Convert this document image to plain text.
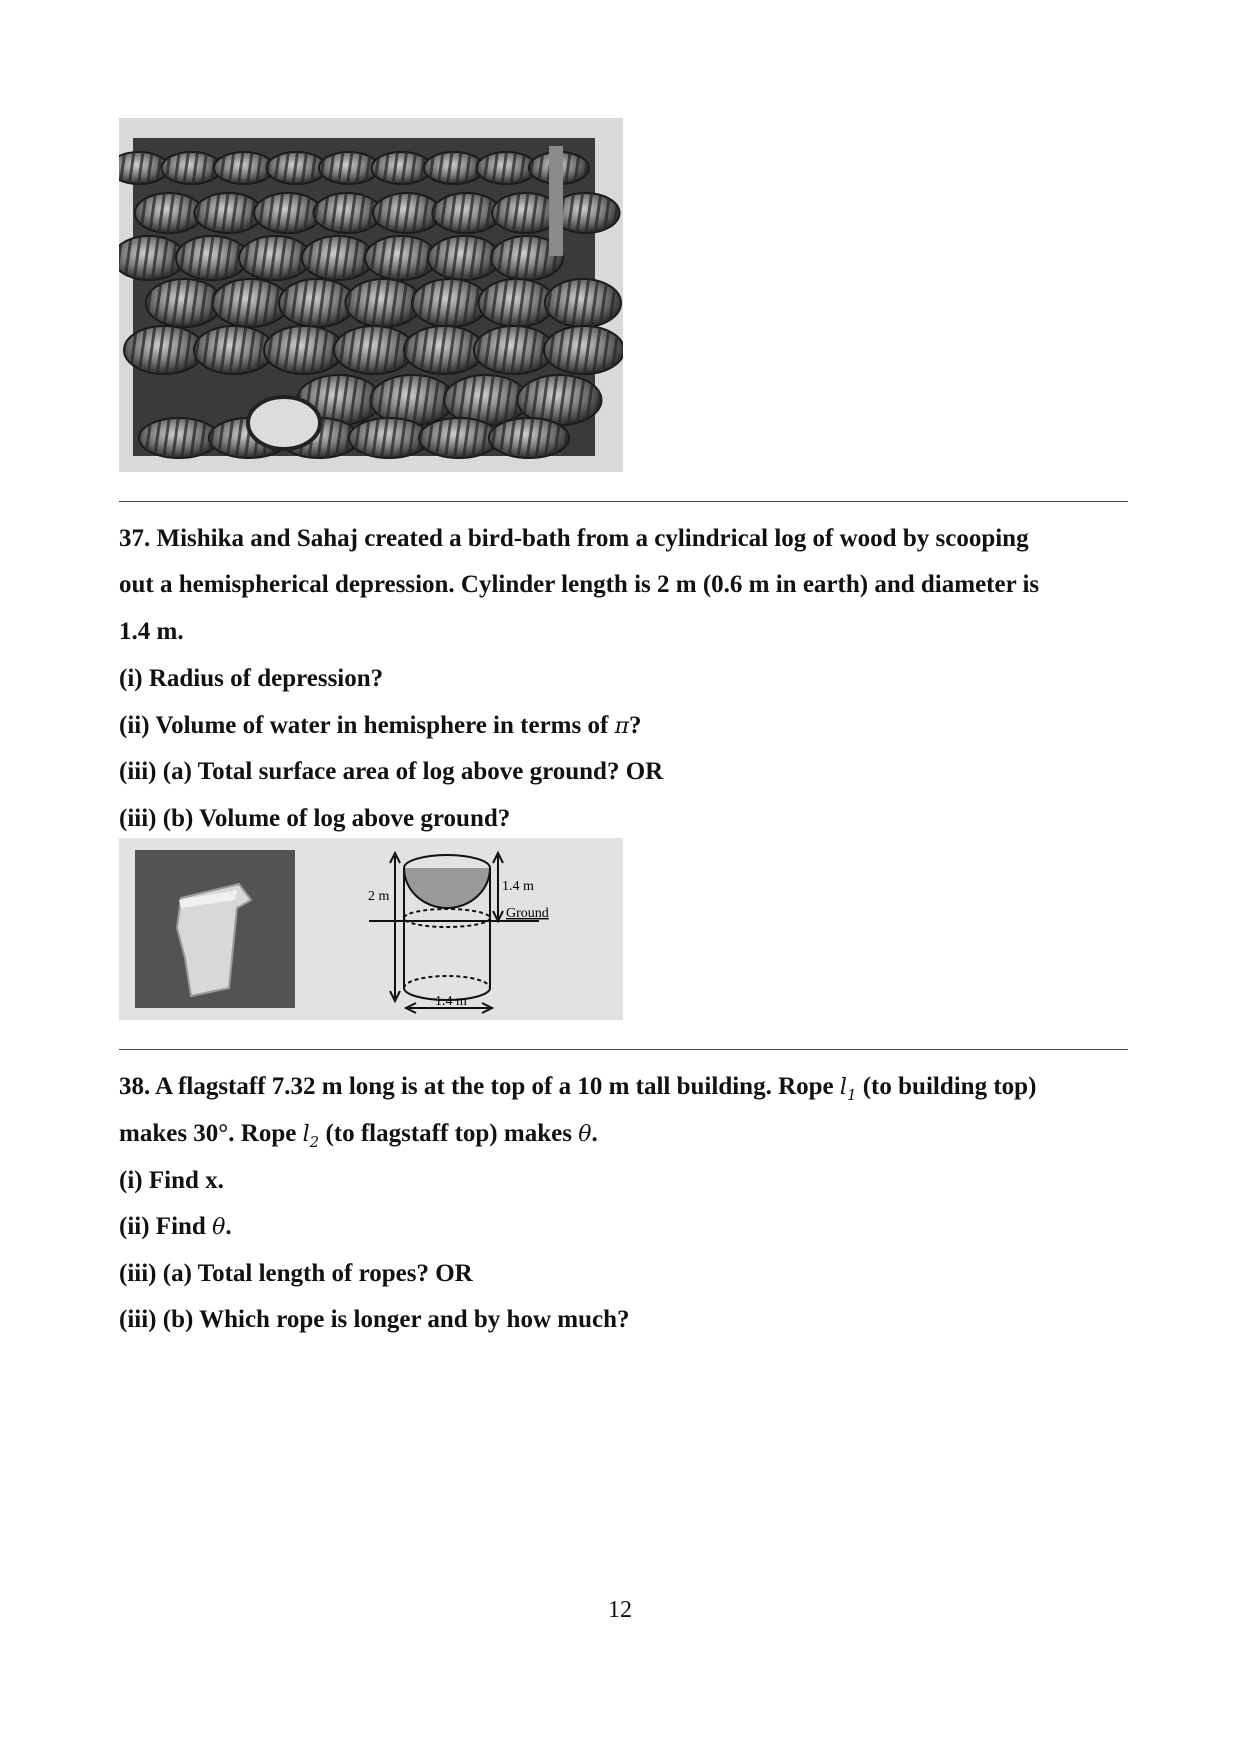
37. Mishika and Sahaj created a bird-bath from a cylindrical log of wood by scooping
out a hemispherical depression. Cylinder length is 2 m (0.6 m in earth) and diameter is
1.4 m.
(i) Radius of depression?
(ii) Volume of water in hemisphere in terms of π?
(iii) (a) Total surface area of log above ground? OR
(iii) (b) Volume of log above ground?
2 m
1.4 m
Ground
1.4 m
38. A flagstaff 7.32 m long is at the top of a 10 m tall building. Rope $l_1$ (to building top)
makes 30°. Rope $l_2$ (to flagstaff top) makes θ.
(i) Find x.
(ii) Find θ.
(iii) (a) Total length of ropes? OR
(iii) (b) Which rope is longer and by how much?
12
